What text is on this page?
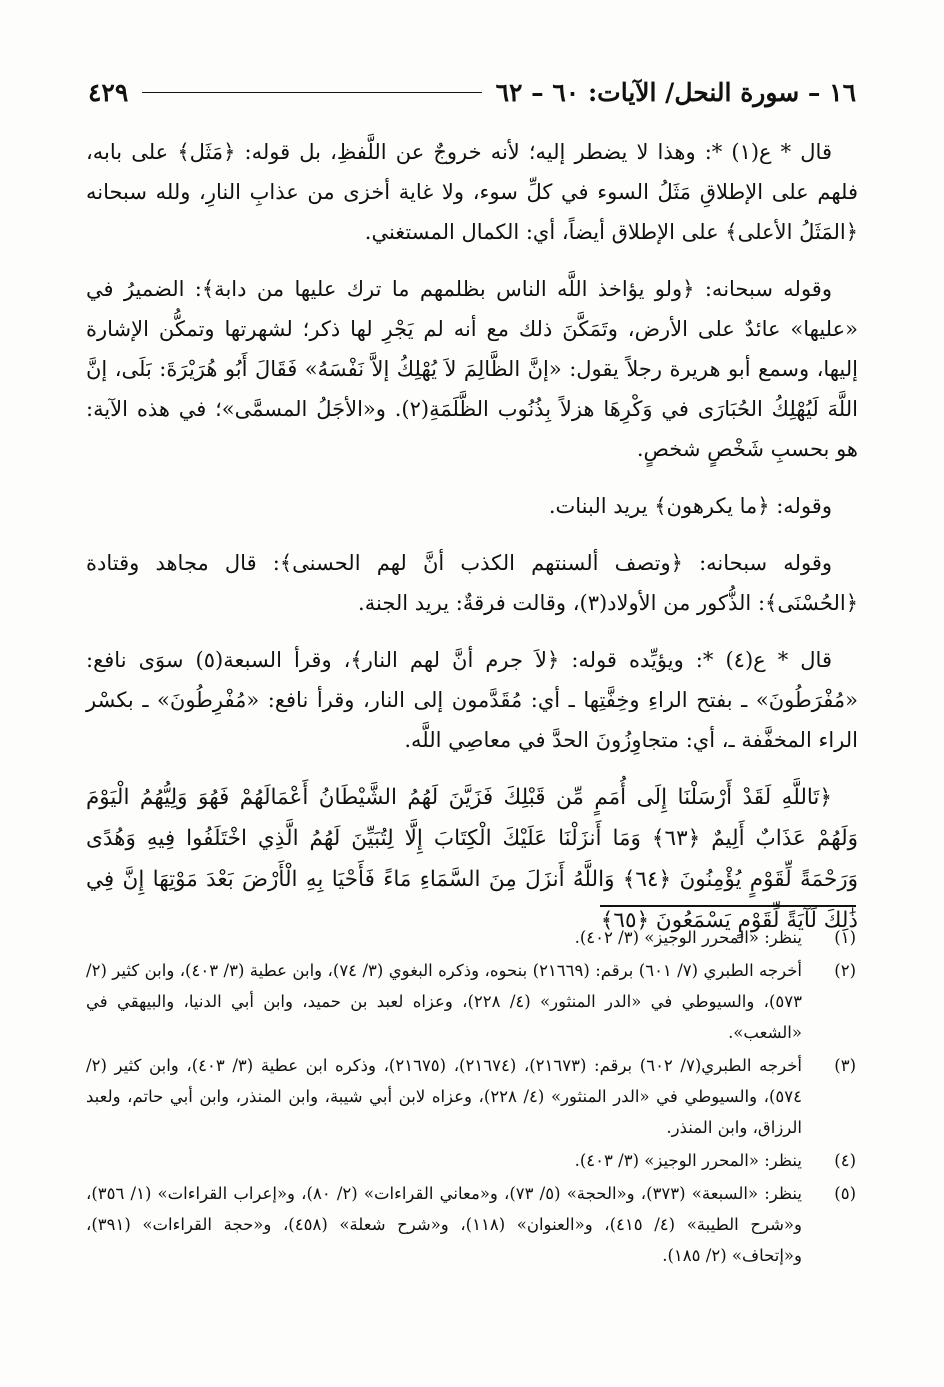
١٦ – سورة النحل/ الآيات: ٦٠ – ٦٢
٤٢٩

قال * ع(١) *: وهذا لا يضطر إليه؛ لأنه خروجٌ عن اللَّفظِ، بل قوله: ﴿مَثَل﴾ على بابه، فلهم على الإطلاقِ مَثَلُ السوء في كلِّ سوء، ولا غاية أخزى من عذابِ النارِ، ولله سبحانه ﴿المَثَلُ الأعلى﴾ على الإطلاق أيضاً، أي: الكمال المستغني.

وقوله سبحانه: ﴿ولو يؤاخذ اللَّه الناس بظلمهم ما ترك عليها من دابة﴾: الضميرُ في «عليها» عائدٌ على الأرض، وتَمَكَّنَ ذلك مع أنه لم يَجْرِ لها ذكر؛ لشهرتها وتمكُّن الإشارة إليها، وسمع أبو هريرة رجلاً يقول: «إنَّ الظَّالِمَ لاَ يُهْلِكُ إلاَّ نَفْسَهُ» فَقَالَ أَبُو هُرَيْرَةَ: بَلَى، إنَّ اللَّهَ لَيُهْلِكُ الحُبَارَى في وَكْرِهَا هزلاً بِذُنُوب الظَّلَمَةِ(٢). و«الأجَلُ المسمَّى»؛ في هذه الآية: هو بحسبِ شَخْصٍ شخصٍ.

وقوله: ﴿ما يكرهون﴾ يريد البنات.

وقوله سبحانه: ﴿وتصف ألسنتهم الكذب أنَّ لهم الحسنى﴾: قال مجاهد وقتادة ﴿الحُسْنَى﴾: الذُّكور من الأولاد(٣)، وقالت فرقةٌ: يريد الجنة.

قال * ع(٤) *: ويؤيِّده قوله: ﴿لاَ جرم أنَّ لهم النار﴾، وقرأ السبعة(٥) سوَى نافع: «مُفْرَطُونَ» ـ بفتح الراءِ وخِفَّتِها ـ أي: مُقَدَّمون إلى النار، وقرأ نافع: «مُفْرِطُونَ» ـ بكسْر الراء المخفَّفة ـ، أي: متجاوِزُونَ الحدَّ في معاصِي اللَّه.

﴿تَاللَّهِ لَقَدْ أَرْسَلْنَا إِلَى أُمَمٍ مِّن قَبْلِكَ فَزَيَّنَ لَهُمُ الشَّيْطَانُ أَعْمَالَهُمْ فَهُوَ وَلِيُّهُمُ الْيَوْمَ وَلَهُمْ عَذَابٌ أَلِيمٌ ﴿٦٣﴾ وَمَا أَنزَلْنَا عَلَيْكَ الْكِتَابَ إِلَّا لِتُبَيِّنَ لَهُمُ الَّذِي اخْتَلَفُوا فِيهِ وَهُدًى وَرَحْمَةً لِّقَوْمٍ يُؤْمِنُونَ ﴿٦٤﴾ وَاللَّهُ أَنزَلَ مِنَ السَّمَاءِ مَاءً فَأَحْيَا بِهِ الْأَرْضَ بَعْدَ مَوْتِهَا إِنَّ فِي ذَٰلِكَ لَآيَةً لِّقَوْمٍ يَسْمَعُونَ ﴿٦٥﴾

(١)
ينظر: «المحرر الوجيز» (٣/ ٤٠٢).
(٢)
أخرجه الطبري (٧/ ٦٠١) برقم: (٢١٦٦٩) بنحوه، وذكره البغوي (٣/ ٧٤)، وابن عطية (٣/ ٤٠٣)، وابن كثير (٢/ ٥٧٣)، والسيوطي في «الدر المنثور» (٤/ ٢٢٨)، وعزاه لعبد بن حميد، وابن أبي الدنيا، والبيهقي في «الشعب».
(٣)
أخرجه الطبري(٧/ ٦٠٢) برقم: (٢١٦٧٣)، (٢١٦٧٤)، (٢١٦٧٥)، وذكره ابن عطية (٣/ ٤٠٣)، وابن كثير (٢/ ٥٧٤)، والسيوطي في «الدر المنثور» (٤/ ٢٢٨)، وعزاه لابن أبي شيبة، وابن المنذر، وابن أبي حاتم، ولعبد الرزاق، وابن المنذر.
(٤)
ينظر: «المحرر الوجيز» (٣/ ٤٠٣).
(٥)
ينظر: «السبعة» (٣٧٣)، و«الحجة» (٥/ ٧٣)، و«معاني القراءات» (٢/ ٨٠)، و«إعراب القراءات» (١/ ٣٥٦)، و«شرح الطيبة» (٤/ ٤١٥)، و«العنوان» (١١٨)، و«شرح شعلة» (٤٥٨)، و«حجة القراءات» (٣٩١)، و«إتحاف» (٢/ ١٨٥).
